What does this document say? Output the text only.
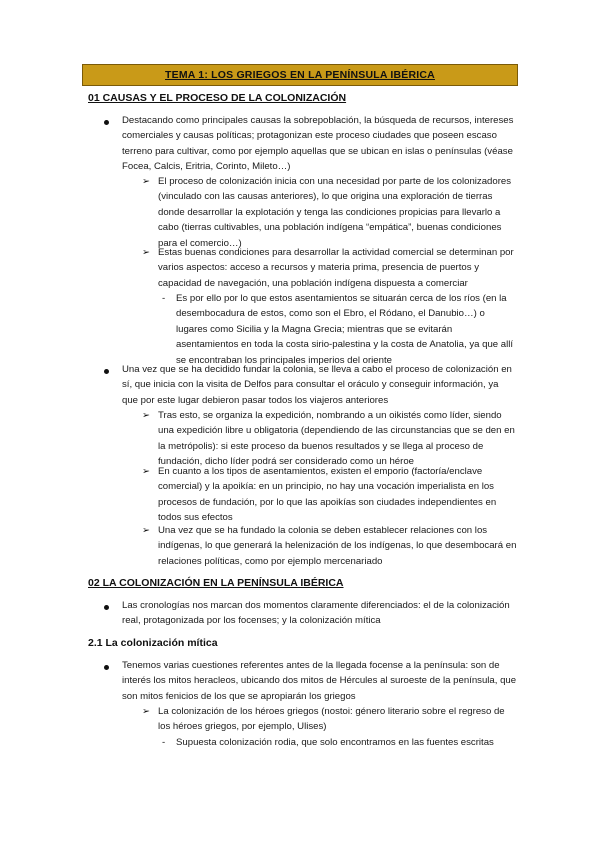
TEMA 1: LOS GRIEGOS EN LA PENÍNSULA IBÉRICA
01 CAUSAS Y EL PROCESO DE LA COLONIZACIÓN
Destacando como principales causas la sobrepoblación, la búsqueda de recursos, intereses comerciales y causas políticas; protagonizan este proceso ciudades que poseen escaso terreno para cultivar, como por ejemplo aquellas que se ubican en islas o penínsulas (véase Focea, Calcis, Eritria, Corinto, Mileto…)
➢ El proceso de colonización inicia con una necesidad por parte de los colonizadores (vinculado con las causas anteriores), lo que origina una exploración de tierras donde desarrollar la explotación y tenga las condiciones propicias para llevarlo a cabo (tierras cultivables, una población indígena “empática”, buenas condiciones para el comercio…)
➢ Estas buenas condiciones para desarrollar la actividad comercial se determinan por varios aspectos: acceso a recursos y materia prima, presencia de puertos y capacidad de navegación, una población indígena dispuesta a comerciar
- Es por ello por lo que estos asentamientos se situarán cerca de los ríos (en la desembocadura de estos, como son el Ebro, el Ródano, el Danubio…) o lugares como Sicilia y la Magna Grecia; mientras que se evitarán asentamientos en toda la costa sirio-palestina y la costa de Anatolia, ya que allí se encontraban los principales imperios del oriente
Una vez que se ha decidido fundar la colonia, se lleva a cabo el proceso de colonización en sí, que inicia con la visita de Delfos para consultar el oráculo y conseguir información, ya que por este lugar debieron pasar todos los viajeros anteriores
➢ Tras esto, se organiza la expedición, nombrando a un oikistés como líder, siendo una expedición libre u obligatoria (dependiendo de las circunstancias que se den en la metrópolis): si este proceso da buenos resultados y se llega al proceso de fundación, dicho líder podrá ser considerado como un héroe
➢ En cuanto a los tipos de asentamientos, existen el emporio (factoría/enclave comercial) y la apoikía: en un principio, no hay una vocación imperialista en los procesos de fundación, por lo que las apoikías son ciudades independientes en todos sus efectos
➢ Una vez que se ha fundado la colonia se deben establecer relaciones con los indígenas, lo que generará la helenización de los indígenas, lo que desembocará en relaciones políticas, como por ejemplo mercenariado
02 LA COLONIZACIÓN EN LA PENÍNSULA IBÉRICA
Las cronologías nos marcan dos momentos claramente diferenciados: el de la colonización real, protagonizada por los focenses; y la colonización mítica
2.1 La colonización mítica
Tenemos varias cuestiones referentes antes de la llegada focense a la península: son de interés los mitos heracleos, ubicando dos mitos de Hércules al suroeste de la península, que son mitos fenicios de los que se apropiarán los griegos
➢ La colonización de los héroes griegos (nostoi: género literario sobre el regreso de los héroes griegos, por ejemplo, Ulises)
- Supuesta colonización rodia, que solo encontramos en las fuentes escritas
